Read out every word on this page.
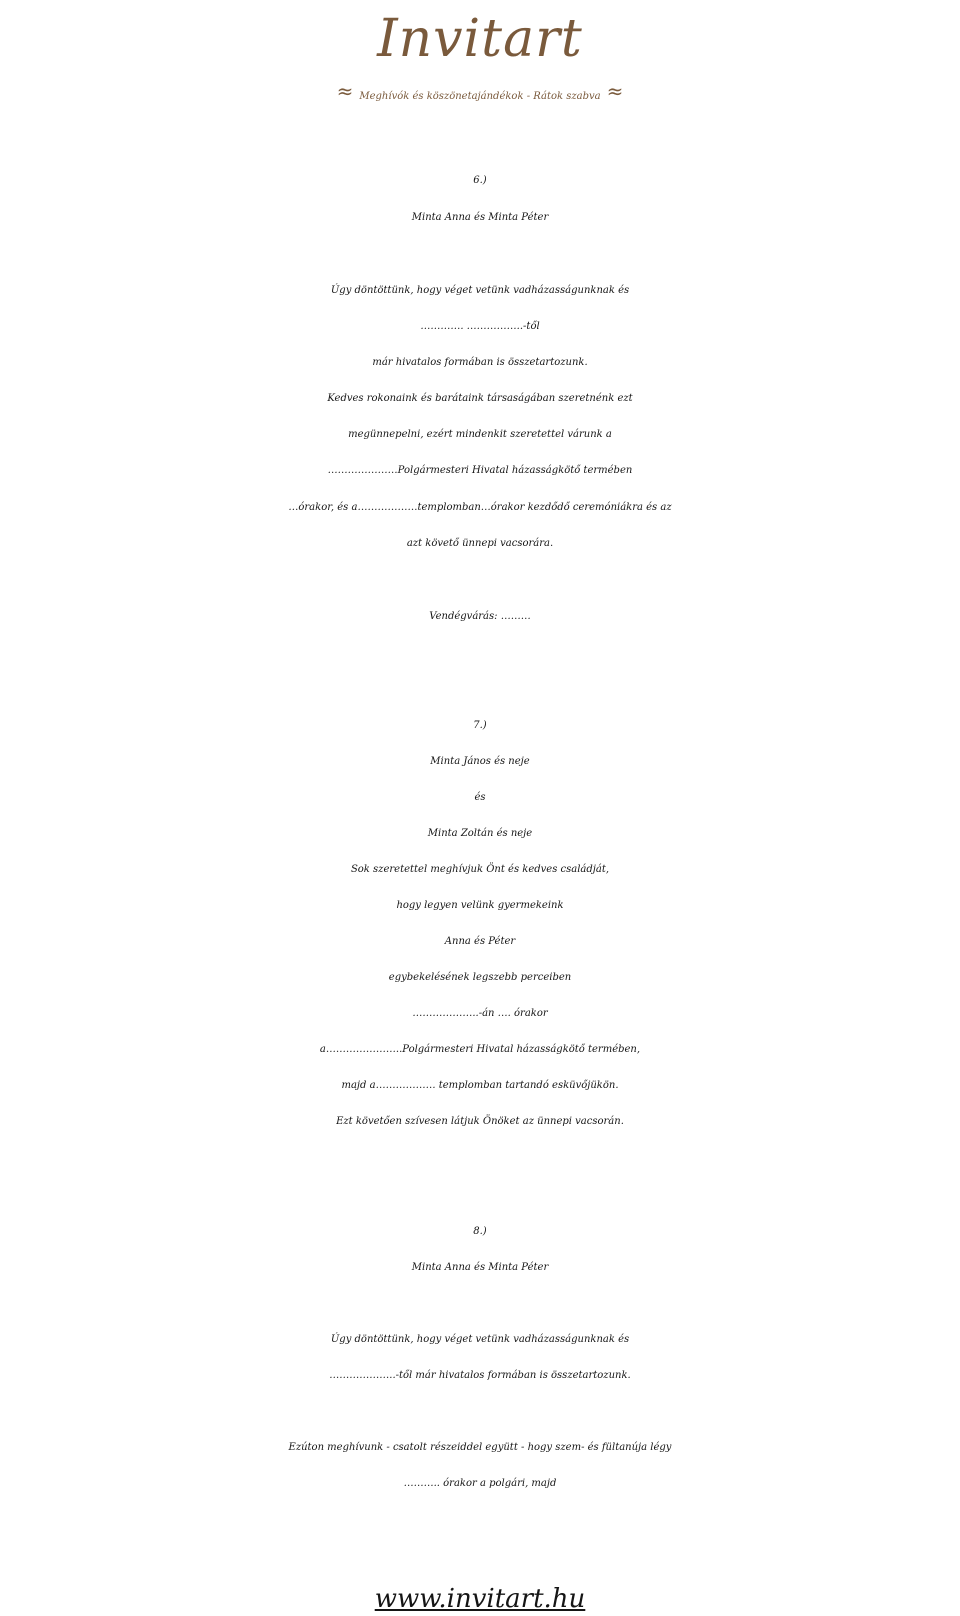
Invitart
≈ Meghívók és köszönetajándékok - Rátok szabva ≈
6.)
Minta Anna és Minta Péter
Úgy döntöttünk, hogy véget vetünk vadházasságunknak és
…………. ……………..-től
már hivatalos formában is összetartozunk.
Kedves rokonaink és barátaink társaságában szeretnénk ezt
megünnepelni, ezért mindenkit szeretettel várunk a
…………………Polgármesteri Hivatal házasságkötő termében
…órakor, és a………………templomban…órakor kezdődő ceremóniákra és az
azt követő ünnepi vacsorára.
Vendégvárás: ………
7.)
Minta János és neje
és
Minta Zoltán és neje
Sok szeretettel meghívjuk Önt és kedves családját,
hogy legyen velünk gyermekeink
Anna és Péter
egybekelésének legszebb perceiben
………………..-án …. órakor
a…………………..Polgármesteri Hivatal házasságkötő termében,
majd a……………… templomban tartandó esküvőjükön.
Ezt követően szívesen látjuk Önöket az ünnepi vacsorán.
8.)
Minta Anna és Minta Péter
Úgy döntöttünk, hogy véget vetünk vadházasságunknak és
………………..-től már hivatalos formában is összetartozunk.
Ezúton meghívunk - csatolt részeiddel együtt - hogy szem- és fültanúja légy
……….. órakor a polgári, majd
www.invitart.hu
